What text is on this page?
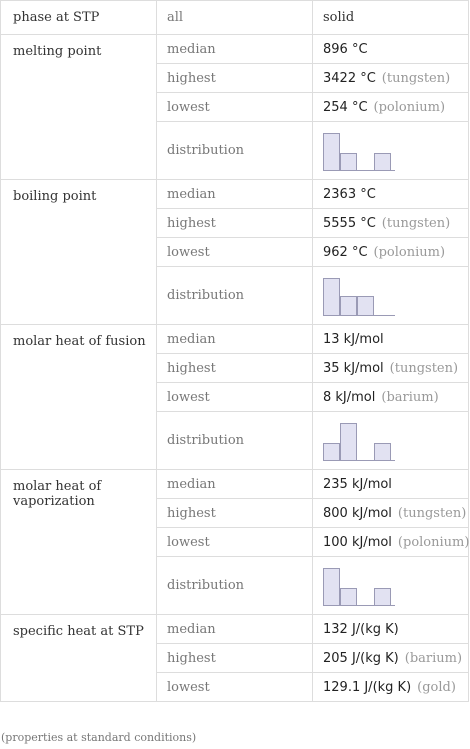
phase at STP	all	solid
melting point	median	896 °C
	highest	3422 °C (tungsten)
	lowest	254 °C (polonium)
	distribution	

boiling point	median	2363 °C
	highest	5555 °C (tungsten)
	lowest	962 °C (polonium)
	distribution	

molar heat of fusion	median	13 kJ/mol
	highest	35 kJ/mol (tungsten)
	lowest	8 kJ/mol (barium)
	distribution	

molar heat of vaporization	median	235 kJ/mol
	highest	800 kJ/mol (tungsten)
	lowest	100 kJ/mol (polonium)
	distribution	

specific heat at STP	median	132 J/(kg K)
	highest	205 J/(kg K) (barium)
	lowest	129.1 J/(kg K) (gold)
(properties at standard conditions)
